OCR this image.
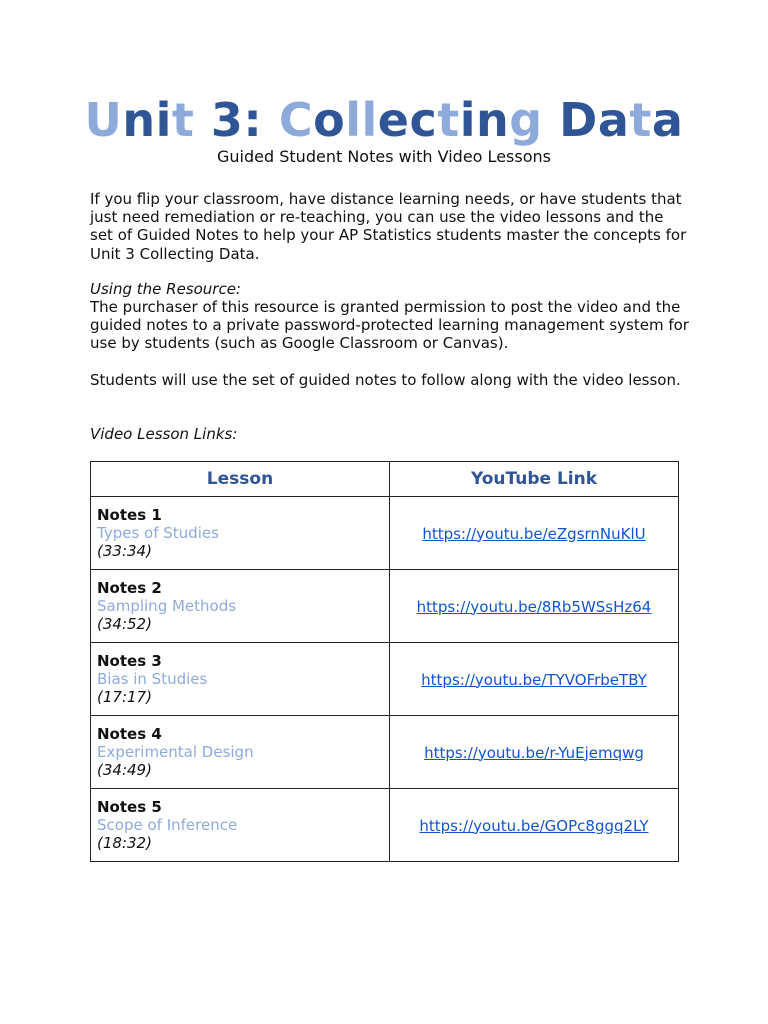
Unit 3: Collecting Data
Guided Student Notes with Video Lessons

If you flip your classroom, have distance learning needs, or have students that just need remediation or re-teaching, you can use the video lessons and the set of Guided Notes to help your AP Statistics students master the concepts for Unit 3 Collecting Data.

Using the Resource:

The purchaser of this resource is granted permission to post the video and the guided notes to a private password-protected learning management system for use by students (such as Google Classroom or Canvas).

Students will use the set of guided notes to follow along with the video lesson.

Video Lesson Links:

Lesson	YouTube Link

Notes 1
Types of Studies
(33:34)	https://youtu.be/eZgsrnNuKlU

Notes 2
Sampling Methods
(34:52)	https://youtu.be/8Rb5WSsHz64

Notes 3
Bias in Studies
(17:17)	https://youtu.be/TYVOFrbeTBY

Notes 4
Experimental Design
(34:49)	https://youtu.be/r-YuEjemqwg

Notes 5
Scope of Inference
(18:32)	https://youtu.be/GOPc8ggq2LY
